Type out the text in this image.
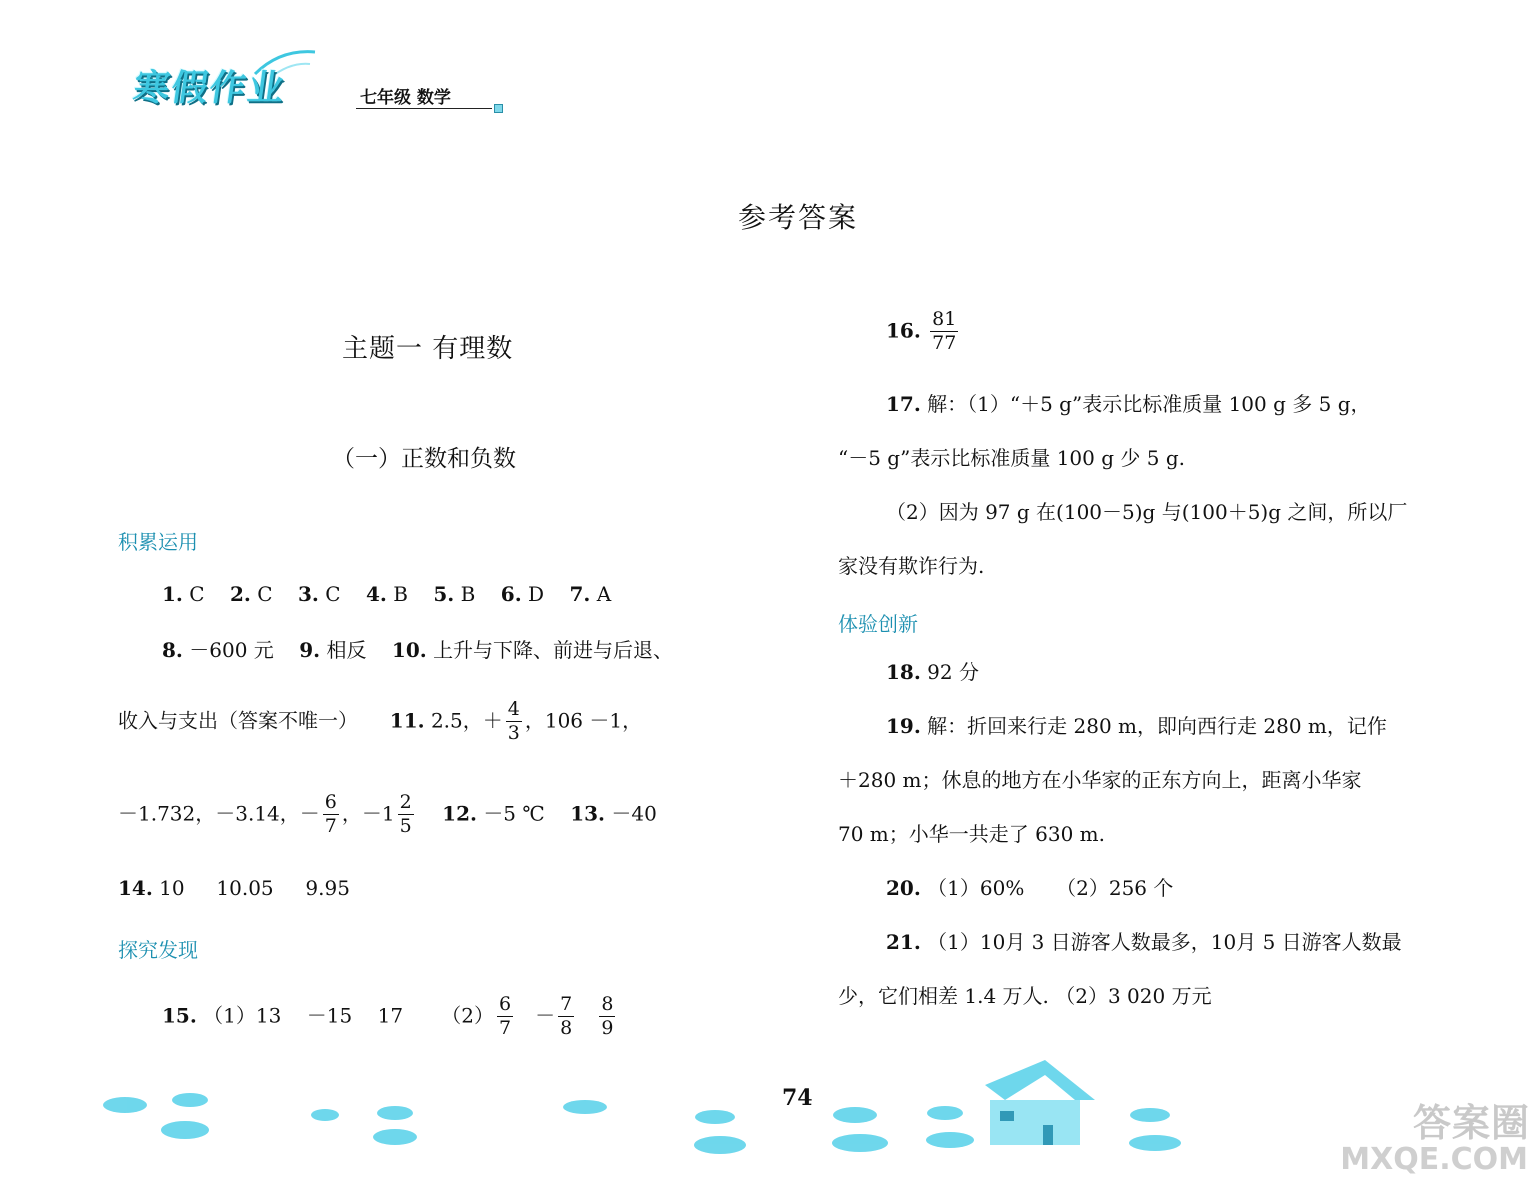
寒假作业	七年级 数学
参考答案
主题一 有理数
（一）正数和负数
积累运用
1. C 2. C 3. C 4. B 5. B 6. D 7. A
8. －600 元 9. 相反 10. 上升与下降、前进与后退、
收入与支出（答案不唯一） 11. 2.5，＋ $\frac{4}{3}$ ，106 －1，
－1.732，－3.14，－ $\frac{6}{7}$ ，$-1 \frac{2}{5} 12$. －5 ℃ 13. －40
14. 10     10.05     9.95
探究发现
15. （1）13    －15    17      $(2) \frac{6}{7} - \frac{7}{8}$
$\frac{8}{9}$
16. $\frac{81}{77}$
17. 解：（1）“＋5 g”表示比标准质量 100 g 多 5 g，
“－5 g”表示比标准质量 100 g 少 5 g.
（2）因为 97 g 在(100－5)g 与(100＋5)g 之间，所以厂
家没有欺诈行为.
体验创新
18. 92 分
19. 解：折回来行走 280 m，即向西行走 280 m，记作
＋280 m；休息的地方在小华家的正东方向上，距离小华家
70 m；小华一共走了 630 m.
20. （1）60%     （2）256 个
21. （1）10月 3 日游客人数最多，10月 5 日游客人数最
少，它们相差 1.4 万人. （2）3 020 万元
74
答案圈
MXQE.COM
